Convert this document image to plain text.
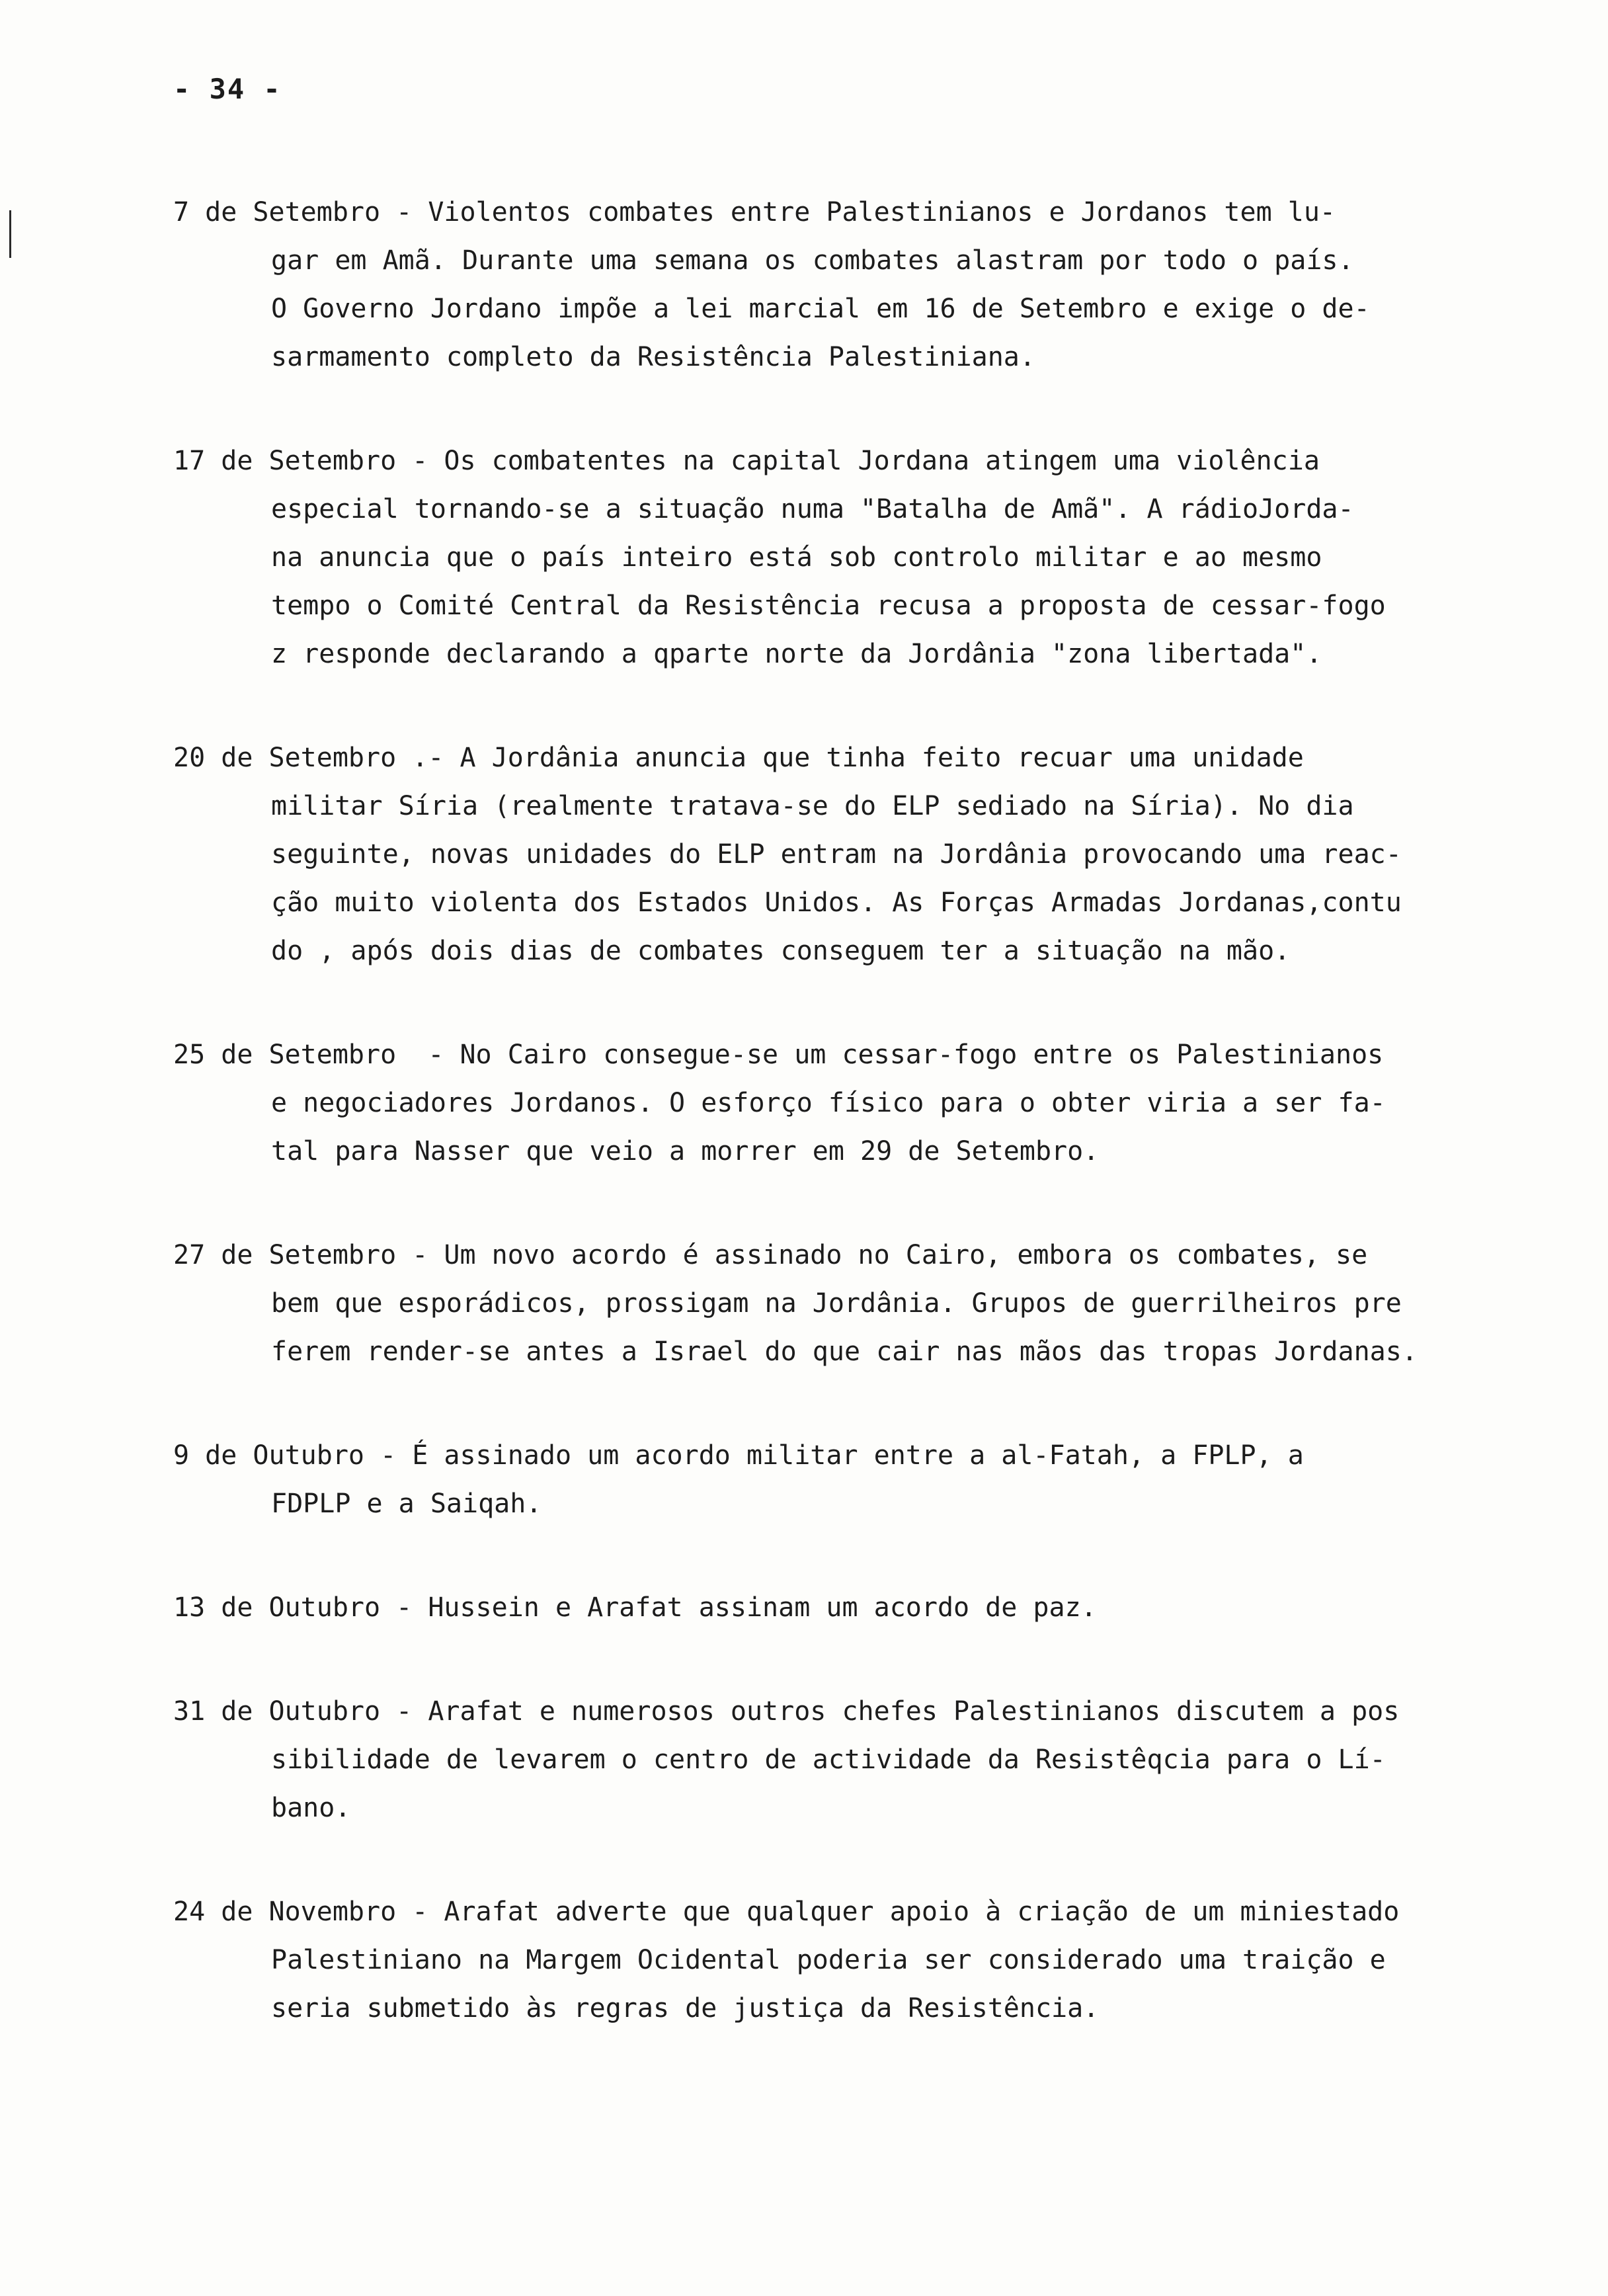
- 34 -

7 de Setembro - Violentos combates entre Palestinianos e Jordanos tem lu-
gar em Amã. Durante uma semana os combates alastram por todo o país.
O Governo Jordano impõe a lei marcial em 16 de Setembro e exige o de-
sarmamento completo da Resistência Palestiniana.

17 de Setembro - Os combatentes na capital Jordana atingem uma violência
especial tornando-se a situação numa "Batalha de Amã". A rádioJorda-
na anuncia que o país inteiro está sob controlo militar e ao mesmo
tempo o Comité Central da Resistência recusa a proposta de cessar-fogo
z responde declarando a qparte norte da Jordânia "zona libertada".

20 de Setembro .- A Jordânia anuncia que tinha feito recuar uma unidade
militar Síria (realmente tratava-se do ELP sediado na Síria). No dia
seguinte, novas unidades do ELP entram na Jordânia provocando uma reac-
ção muito violenta dos Estados Unidos. As Forças Armadas Jordanas,contu
do , após dois dias de combates conseguem ter a situação na mão.

25 de Setembro  - No Cairo consegue-se um cessar-fogo entre os Palestinianos
e negociadores Jordanos. O esforço físico para o obter viria a ser fa-
tal para Nasser que veio a morrer em 29 de Setembro.

27 de Setembro - Um novo acordo é assinado no Cairo, embora os combates, se
bem que esporádicos, prossigam na Jordânia. Grupos de guerrilheiros pre
ferem render-se antes a Israel do que cair nas mãos das tropas Jordanas.

9 de Outubro - É assinado um acordo militar entre a al-Fatah, a FPLP, a
FDPLP e a Saiqah.

13 de Outubro - Hussein e Arafat assinam um acordo de paz.

31 de Outubro - Arafat e numerosos outros chefes Palestinianos discutem a pos
sibilidade de levarem o centro de actividade da Resistêqcia para o Lí-
bano.

24 de Novembro - Arafat adverte que qualquer apoio à criação de um miniestado
Palestiniano na Margem Ocidental poderia ser considerado uma traição e
seria submetido às regras de justiça da Resistência.
